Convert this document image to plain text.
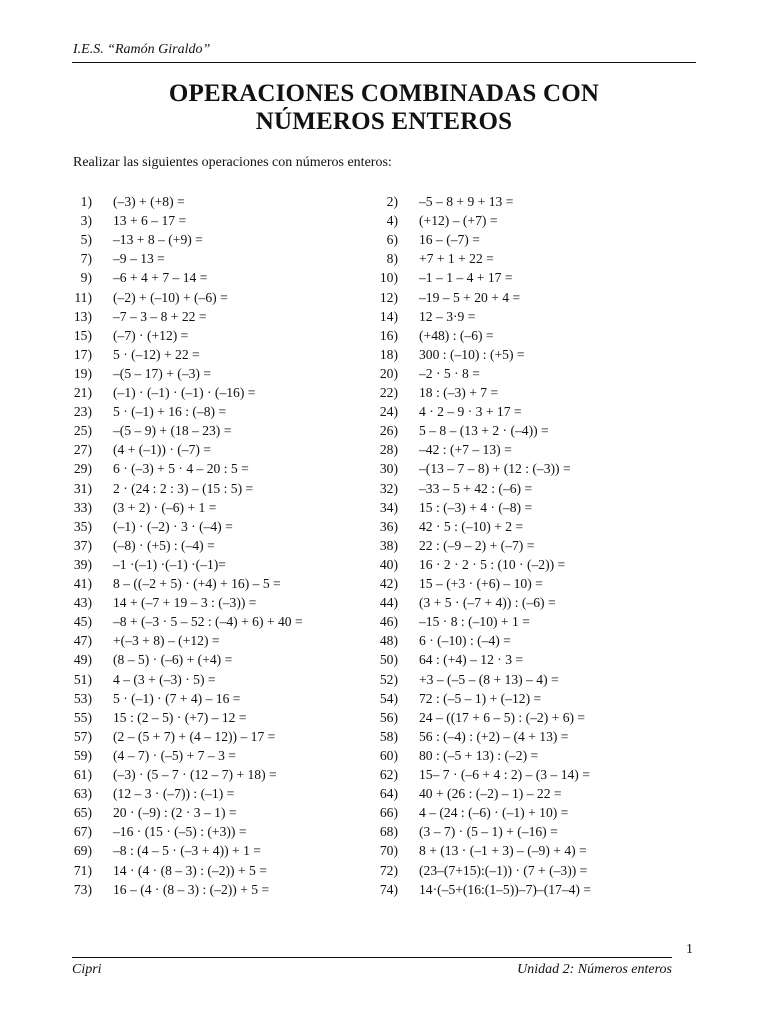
I.E.S. “Ramón Giraldo”
OPERACIONES COMBINADAS CON
NÚMEROS ENTEROS
Realizar las siguientes operaciones con números enteros:
1) (–3) + (+8) =	2) –5 – 8 + 9 + 13 =
3) 13 + 6 – 17 =	4) (+12) – (+7) =
5) –13 + 8 – (+9) =	6) 16 – (–7) =
7) –9 – 13 =	8) +7 + 1 + 22 =
9) –6 + 4 + 7 – 14 =	10) –1 – 1 – 4 + 17 =
11) (–2) + (–10) + (–6) =	12) –19 – 5 + 20 + 4 =
13) –7 – 3 – 8 + 22 =	14) 12 – 3·9 =
15) (–7) · (+12) =	16) (+48) : (–6) =
17) 5 · (–12) + 22 =	18) 300 : (–10) : (+5) =
19) –(5 – 17) + (–3) =	20) –2 · 5 · 8 =
21) (–1) · (–1) · (–1) · (–16) =	22) 18 : (–3) + 7 =
23) 5 · (–1) + 16 : (–8) =	24) 4 · 2 – 9 · 3 + 17 =
25) –(5 – 9) + (18 – 23) =	26) 5 – 8 – (13 + 2 · (–4)) =
27) (4 + (–1)) · (–7) =	28) –42 : (+7 – 13) =
29) 6 · (–3) + 5 · 4 – 20 : 5 =	30) –(13 – 7 – 8) + (12 : (–3)) =
31) 2 · (24 : 2 : 3) – (15 : 5) =	32) –33 – 5 + 42 : (–6) =
33) (3 + 2) · (–6) + 1 =	34) 15 : (–3) + 4 · (–8) =
35) (–1) · (–2) · 3 · (–4) =	36) 42 · 5 : (–10) + 2 =
37) (–8) · (+5) : (–4) =	38) 22 : (–9 – 2) + (–7) =
39) –1 ·(–1) ·(–1) ·(–1)=	40) 16 · 2 · 2 · 5 : (10 · (–2)) =
41) 8 – ((–2 + 5) · (+4) + 16) – 5 =	42) 15 – (+3 · (+6) – 10) =
43) 14 + (–7 + 19 – 3 : (–3)) =	44) (3 + 5 · (–7 + 4)) : (–6) =
45) –8 + (–3 · 5 – 52 : (–4) + 6) + 40 =	46) –15 · 8 : (–10) + 1 =
47) +(–3 + 8) – (+12) =	48) 6 · (–10) : (–4) =
49) (8 – 5) · (–6) + (+4) =	50) 64 : (+4) – 12 · 3 =
51) 4 – (3 + (–3) · 5) =	52) +3 – (–5 – (8 + 13) – 4) =
53) 5 · (–1) · (7 + 4) – 16 =	54) 72 : (–5 – 1) + (–12) =
55) 15 : (2 – 5) · (+7) – 12 =	56) 24 – ((17 + 6 – 5) : (–2) + 6) =
57) (2 – (5 + 7) + (4 – 12)) – 17 =	58) 56 : (–4) : (+2) – (4 + 13) =
59) (4 – 7) · (–5) + 7 – 3 =	60) 80 : (–5 + 13) : (–2) =
61) (–3) · (5 – 7 · (12 – 7) + 18) =	62) 15– 7 · (–6 + 4 : 2) – (3 – 14) =
63) (12 – 3 · (–7)) : (–1) =	64) 40 + (26 : (–2) – 1) – 22 =
65) 20 · (–9) : (2 · 3 – 1) =	66) 4 – (24 : (–6) · (–1) + 10) =
67) –16 · (15 · (–5) : (+3)) =	68) (3 – 7) · (5 – 1) + (–16) =
69) –8 : (4 – 5 · (–3 + 4)) + 1 =	70) 8 + (13 · (–1 + 3) – (–9) + 4) =
71) 14 · (4 · (8 – 3) : (–2)) + 5 =	72) (23–(7+15):(–1)) · (7 + (–3)) =
73) 16 – (4 · (8 – 3) : (–2)) + 5 =	74) 14·(–5+(16:(1–5))–7)–(17–4) =
1
Cipri	Unidad 2: Números enteros
